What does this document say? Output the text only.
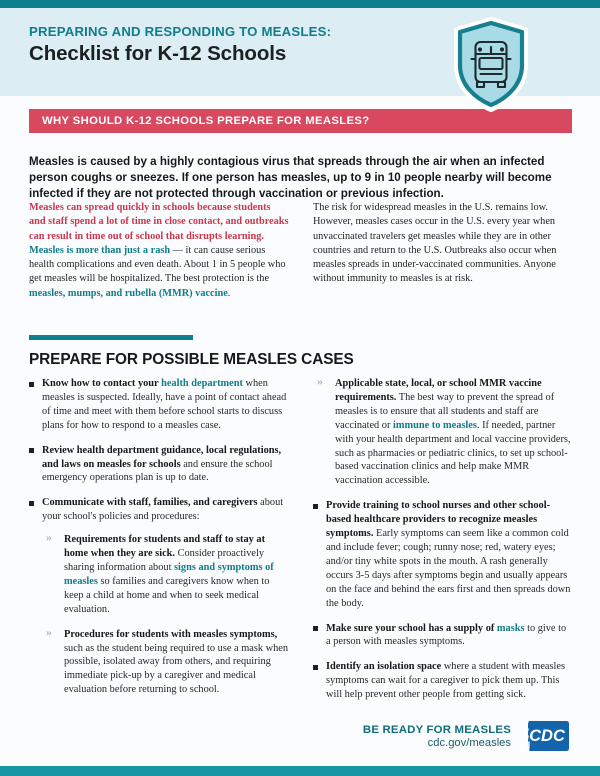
PREPARING AND RESPONDING TO MEASLES:

Checklist for K-12 Schools
WHY SHOULD K-12 SCHOOLS PREPARE FOR MEASLES?

Measles is caused by a highly contagious virus that spreads through the air when an infected person coughs or sneezes. If one person has measles, up to 9 in 10 people nearby will become infected if they are not protected through vaccination or previous infection.

Measles can spread quickly in schools because students and staff spend a lot of time in close contact, and outbreaks can result in time out of school that disrupts learning. Measles is more than just a rash — it can cause serious health complications and even death. About 1 in 5 people who get measles will be hospitalized. The best protection is the measles, mumps, and rubella (MMR) vaccine.

The risk for widespread measles in the U.S. remains low. However, measles cases occur in the U.S. every year when unvaccinated travelers get measles while they are in other countries and return to the U.S. Outbreaks also occur when measles spreads in under-vaccinated communities. Anyone without immunity to measles is at risk.

PREPARE FOR POSSIBLE MEASLES CASES
Know how to contact your health department when measles is suspected. Ideally, have a point of contact ahead of time and meet with them before school starts to discuss plans for how to respond to a measles case.
Review health department guidance, local regulations, and laws on measles for schools and ensure the school emergency operations plan is up to date.
Communicate with staff, families, and caregivers about your school's policies and procedures:
» Requirements for students and staff to stay at home when they are sick. Consider proactively sharing information about signs and symptoms of measles so families and caregivers know when to keep a child at home and when to seek medical evaluation.
» Procedures for students with measles symptoms, such as the student being required to use a mask when possible, isolated away from others, and requiring immediate pick-up by a caregiver and medical evaluation before returning to school.
» Applicable state, local, or school MMR vaccine requirements. The best way to prevent the spread of measles is to ensure that all students and staff are vaccinated or immune to measles. If needed, partner with your health department and local vaccine providers, such as pharmacies or pediatric clinics, to set up school-based vaccination clinics and help make MMR vaccination accessible.
Provide training to school nurses and other school-based healthcare providers to recognize measles symptoms. Early symptoms can seem like a common cold and include fever; cough; runny nose; red, watery eyes; and/or tiny white spots in the mouth. A rash generally occurs 3-5 days after symptoms begin and usually appears on the face and behind the ears first and then spreads down the body.
Make sure your school has a supply of masks to give to a person with measles symptoms.
Identify an isolation space where a student with measles symptoms can wait for a caregiver to pick them up. This will help prevent other people from getting sick.

BE READY FOR MEASLES

cdc.gov/measles CDC
